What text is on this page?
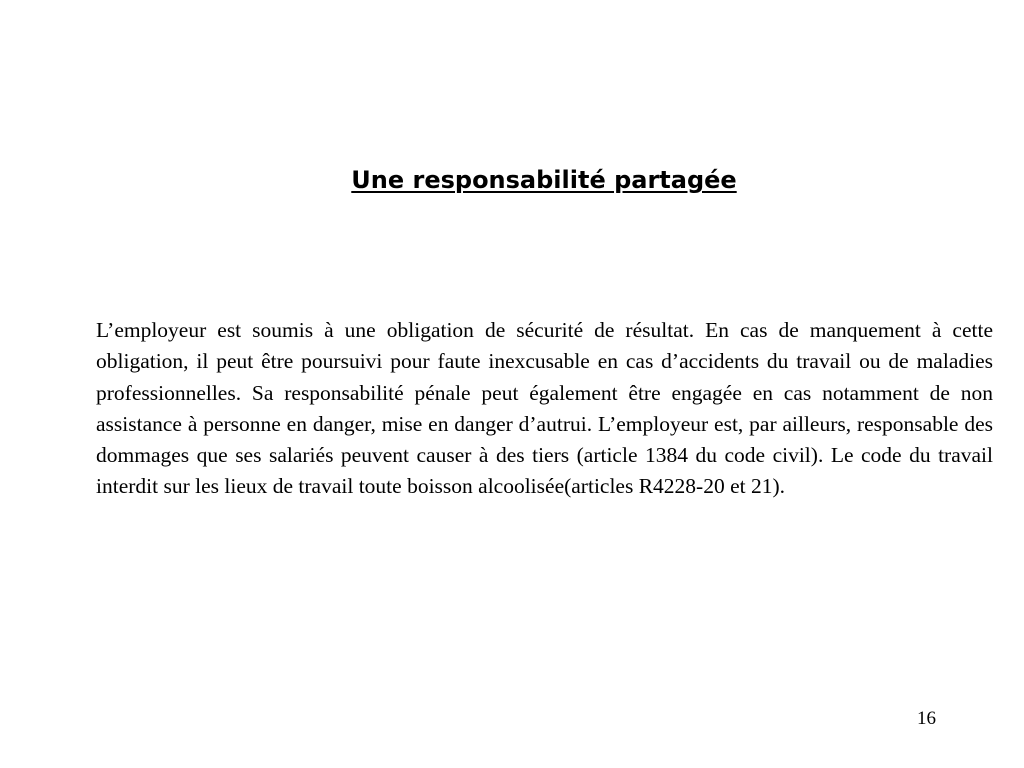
Une responsabilité partagée

L’employeur est soumis à une obligation de sécurité de résultat. En cas de manquement à cette obligation, il peut être poursuivi pour faute inexcusable en cas d’accidents du travail ou de maladies professionnelles. Sa responsabilité pénale peut également être engagée en cas notamment de non assistance à personne en danger, mise en danger d’autrui. L’employeur est, par ailleurs, responsable des dommages que ses salariés peuvent causer à des tiers (article 1384 du code civil). Le code du travail interdit sur les lieux de travail toute boisson alcoolisée(articles R4228-20 et 21).

16
